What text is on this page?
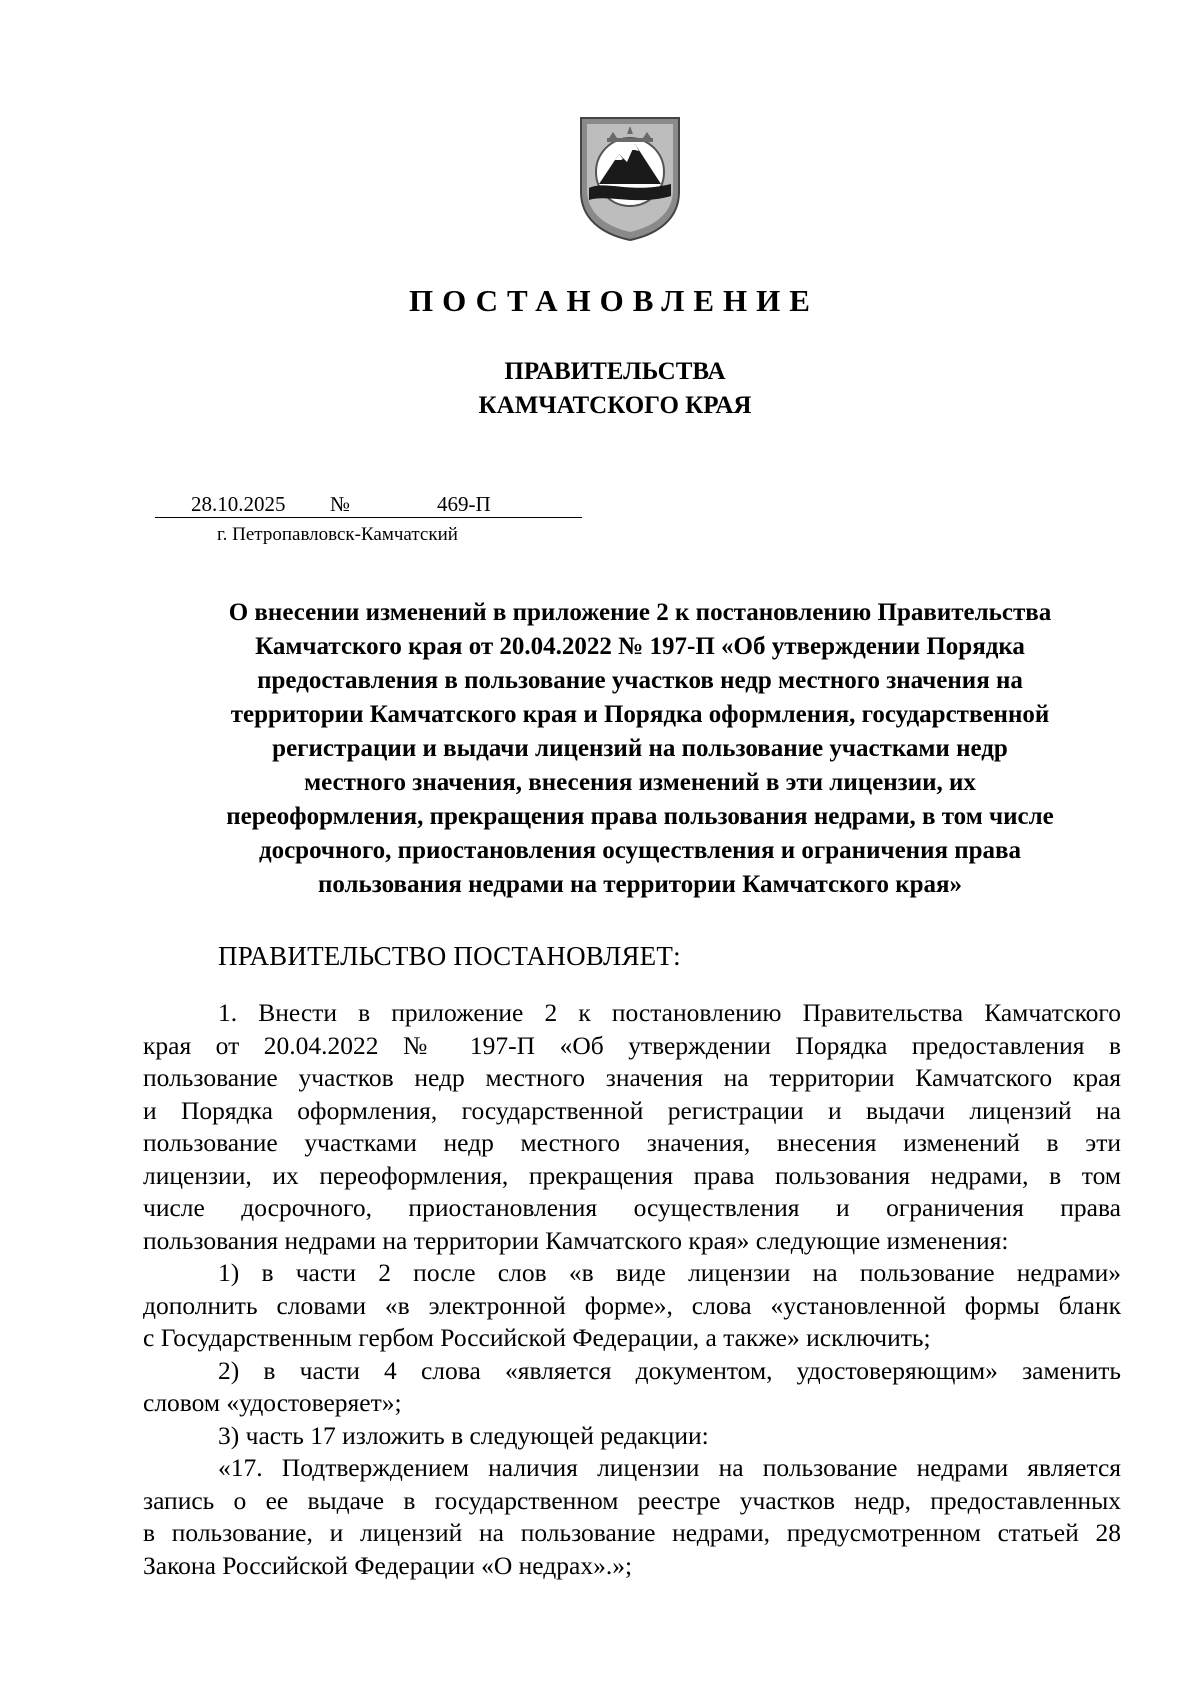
ПОСТАНОВЛЕНИЕ
ПРАВИТЕЛЬСТВА
КАМЧАТСКОГО КРАЯ
28.10.2025 №	469-П
г. Петропавловск-Камчатский
О внесении изменений в приложение 2 к постановлению Правительства
Камчатского края от 20.04.2022 № 197-П «Об утверждении Порядка
предоставления в пользование участков недр местного значения на
территории Камчатского края и Порядка оформления, государственной
регистрации и выдачи лицензий на пользование участками недр
местного значения, внесения изменений в эти лицензии, их
переоформления, прекращения права пользования недрами, в том числе
досрочного, приостановления осуществления и ограничения права
пользования недрами на территории Камчатского края»
ПРАВИТЕЛЬСТВО ПОСТАНОВЛЯЕТ:
1. Внести в приложение 2 к постановлению Правительства Камчатского
края от 20.04.2022 № 197-П «Об утверждении Порядка предоставления в
пользование участков недр местного значения на территории Камчатского края
и Порядка оформления, государственной регистрации и выдачи лицензий на
пользование участками недр местного значения, внесения изменений в эти
лицензии, их переоформления, прекращения права пользования недрами, в том
числе досрочного, приостановления осуществления и ограничения права
пользования недрами на территории Камчатского края» следующие изменения:
1) в части 2 после слов «в виде лицензии на пользование недрами»
дополнить словами «в электронной форме», слова «установленной формы бланк
с Государственным гербом Российской Федерации, а также» исключить;
2) в части 4 слова «является документом, удостоверяющим» заменить
словом «удостоверяет»;
3) часть 17 изложить в следующей редакции:
«17. Подтверждением наличия лицензии на пользование недрами является
запись о ее выдаче в государственном реестре участков недр, предоставленных
в пользование, и лицензий на пользование недрами, предусмотренном статьей 28
Закона Российской Федерации «О недрах».»;
